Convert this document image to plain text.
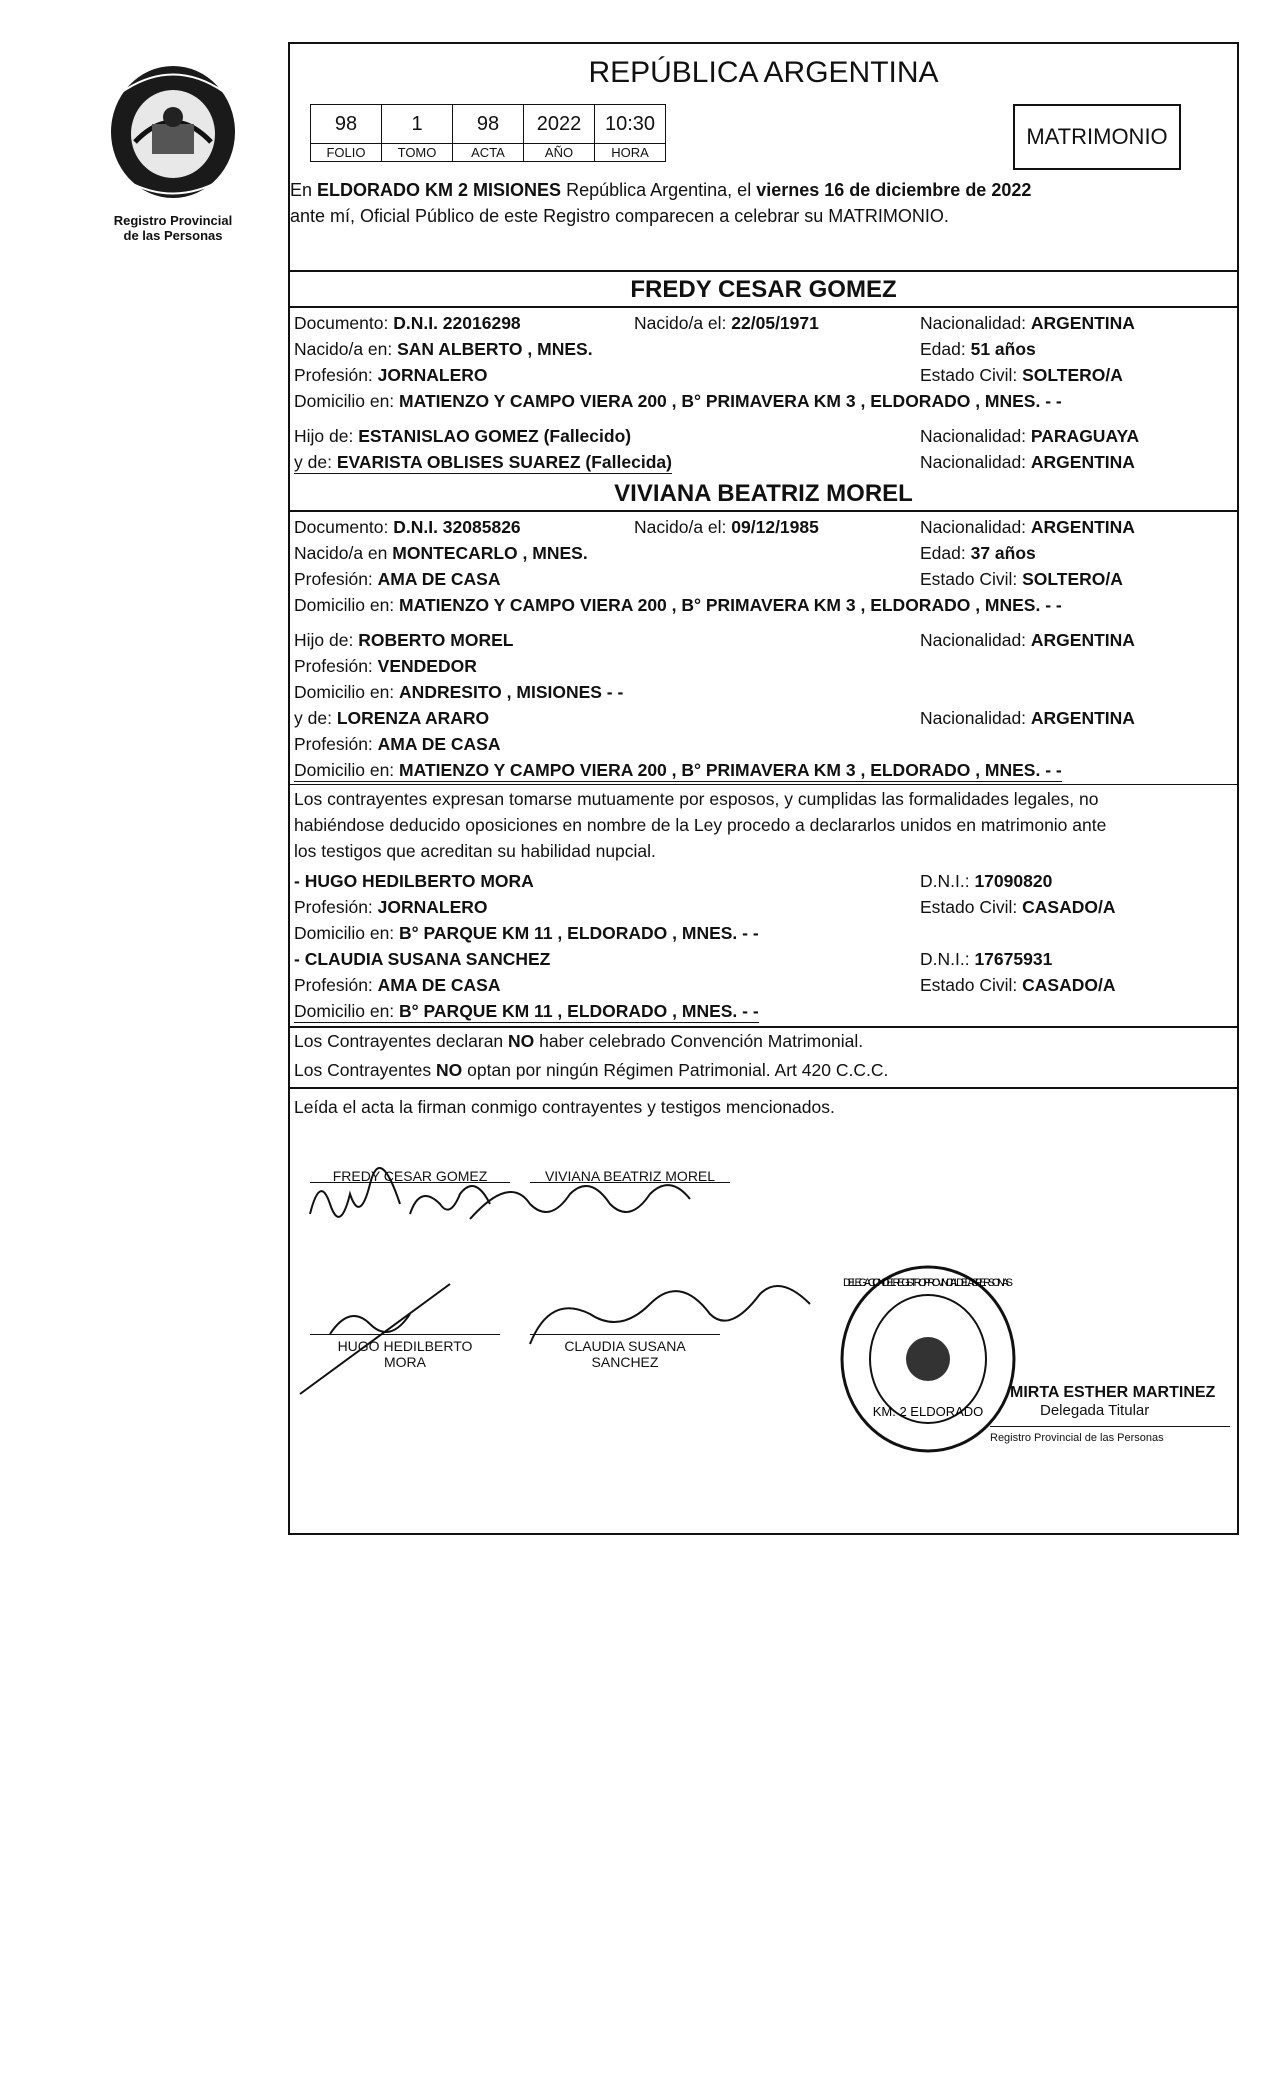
Registro Provincial
de las Personas
REPÚBLICA ARGENTINA
98	1	98	2022	10:30
FOLIO	TOMO	ACTA	AÑO	HORA
MATRIMONIO
En ELDORADO KM 2 MISIONES República Argentina, el viernes 16 de diciembre de 2022
ante mí, Oficial Público de este Registro comparecen a celebrar su MATRIMONIO.
FREDY CESAR GOMEZ
Documento: D.N.I. 22016298	Nacido/a el: 22/05/1971	Nacionalidad: ARGENTINA
Nacido/a en: SAN ALBERTO , MNES.	Edad: 51 años
Profesión: JORNALERO	Estado Civil: SOLTERO/A
Domicilio en: MATIENZO Y CAMPO VIERA 200 , B° PRIMAVERA KM 3 , ELDORADO , MNES. - -
Hijo de: ESTANISLAO GOMEZ (Fallecido)	Nacionalidad: PARAGUAYA
y de: EVARISTA OBLISES SUAREZ (Fallecida)	Nacionalidad: ARGENTINA
VIVIANA BEATRIZ MOREL
Documento: D.N.I. 32085826	Nacido/a el: 09/12/1985	Nacionalidad: ARGENTINA
Nacido/a en MONTECARLO , MNES.	Edad: 37 años
Profesión: AMA DE CASA	Estado Civil: SOLTERO/A
Domicilio en: MATIENZO Y CAMPO VIERA 200 , B° PRIMAVERA KM 3 , ELDORADO , MNES. - -
Hijo de: ROBERTO MOREL	Nacionalidad: ARGENTINA
Profesión: VENDEDOR
Domicilio en: ANDRESITO , MISIONES - -
y de: LORENZA ARARO	Nacionalidad: ARGENTINA
Profesión: AMA DE CASA
Domicilio en: MATIENZO Y CAMPO VIERA 200 , B° PRIMAVERA KM 3 , ELDORADO , MNES. - -
Los contrayentes expresan tomarse mutuamente por esposos, y cumplidas las formalidades legales, no
habiéndose deducido oposiciones en nombre de la Ley procedo a declararlos unidos en matrimonio ante
los testigos que acreditan su habilidad nupcial.
- HUGO HEDILBERTO MORA	D.N.I.: 17090820
Profesión: JORNALERO	Estado Civil: CASADO/A
Domicilio en: B° PARQUE KM 11 , ELDORADO , MNES. - -
- CLAUDIA SUSANA SANCHEZ	D.N.I.: 17675931
Profesión: AMA DE CASA	Estado Civil: CASADO/A
Domicilio en: B° PARQUE KM 11 , ELDORADO , MNES. - -
Los Contrayentes declaran NO haber celebrado Convención Matrimonial.
Los Contrayentes NO optan por ningún Régimen Patrimonial. Art 420 C.C.C.
Leída el acta la firman conmigo contrayentes y testigos mencionados.
FREDY CESAR GOMEZ	VIVIANA BEATRIZ MOREL
HUGO HEDILBERTO
MORA
CLAUDIA SUSANA
SANCHEZ
KM. 2 ELDORADO
DELEGACION DEL REGISTRO PROVINCIAL DE LAS PERSONAS
MIRTA ESTHER MARTINEZ
Delegada Titular
Registro Provincial de las Personas
